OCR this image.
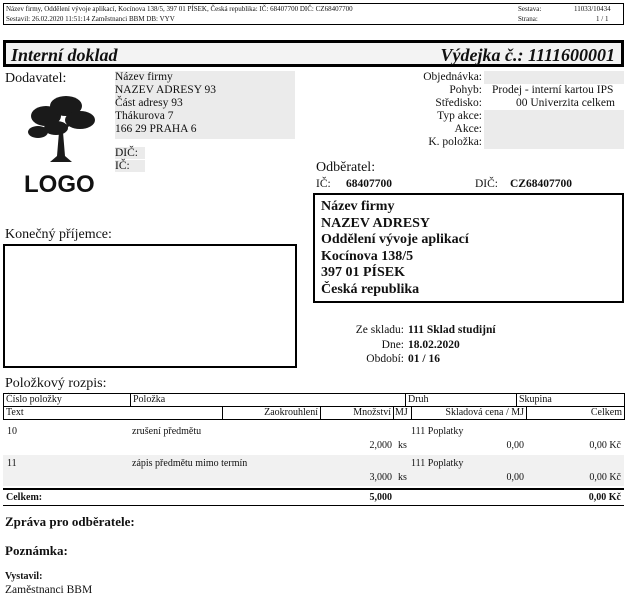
Název firmy, Oddělení vývoje aplikací, Kocínova 138/5, 397 01 PÍSEK, Česká republika: IČ: 68407700 DIČ: CZ68407700
Sestavil: 26.02.2020 11:51:14 Zaměstnanci BBM DB: VYV
Sestava:	11033/10434
Strana:	1 / 1
Interní doklad	Výdejka č.: 1111600001
Dodavatel:	Název firmy
NAZEV ADRESY 93
Část adresy 93
Thákurova 7
166 29 PRAHA 6
DIČ:
IČ:
LOGO
Objednávka:
Pohyb: Prodej - interní kartou IPS
Středisko:	00 Univerzita celkem
Typ akce:
Akce:
K. položka:
Odběratel:
IČ: 68407700	DIČ: CZ68407700
Název firmy
NAZEV ADRESY
Oddělení vývoje aplikací
Kocínova 138/5
397 01 PÍSEK
Česká republika
Konečný příjemce:
Ze skladu: 111 Sklad studijní
Dne: 18.02.2020
Období: 01 / 16
Položkový rozpis:
Číslo položky	Položka	Druh	Skupina
Text	Zaokrouhlení	Množství MJ	Skladová cena / MJ	Celkem
10	zrušení předmětu	111 Poplatky
2,000 ks	0,00	0,00 Kč
11	zápis předmětu mimo termín	111 Poplatky
3,000 ks	0,00	0,00 Kč
Celkem:	5,000	0,00 Kč
Zpráva pro odběratele:
Poznámka:
Vystavil:
Zaměstnanci BBM
